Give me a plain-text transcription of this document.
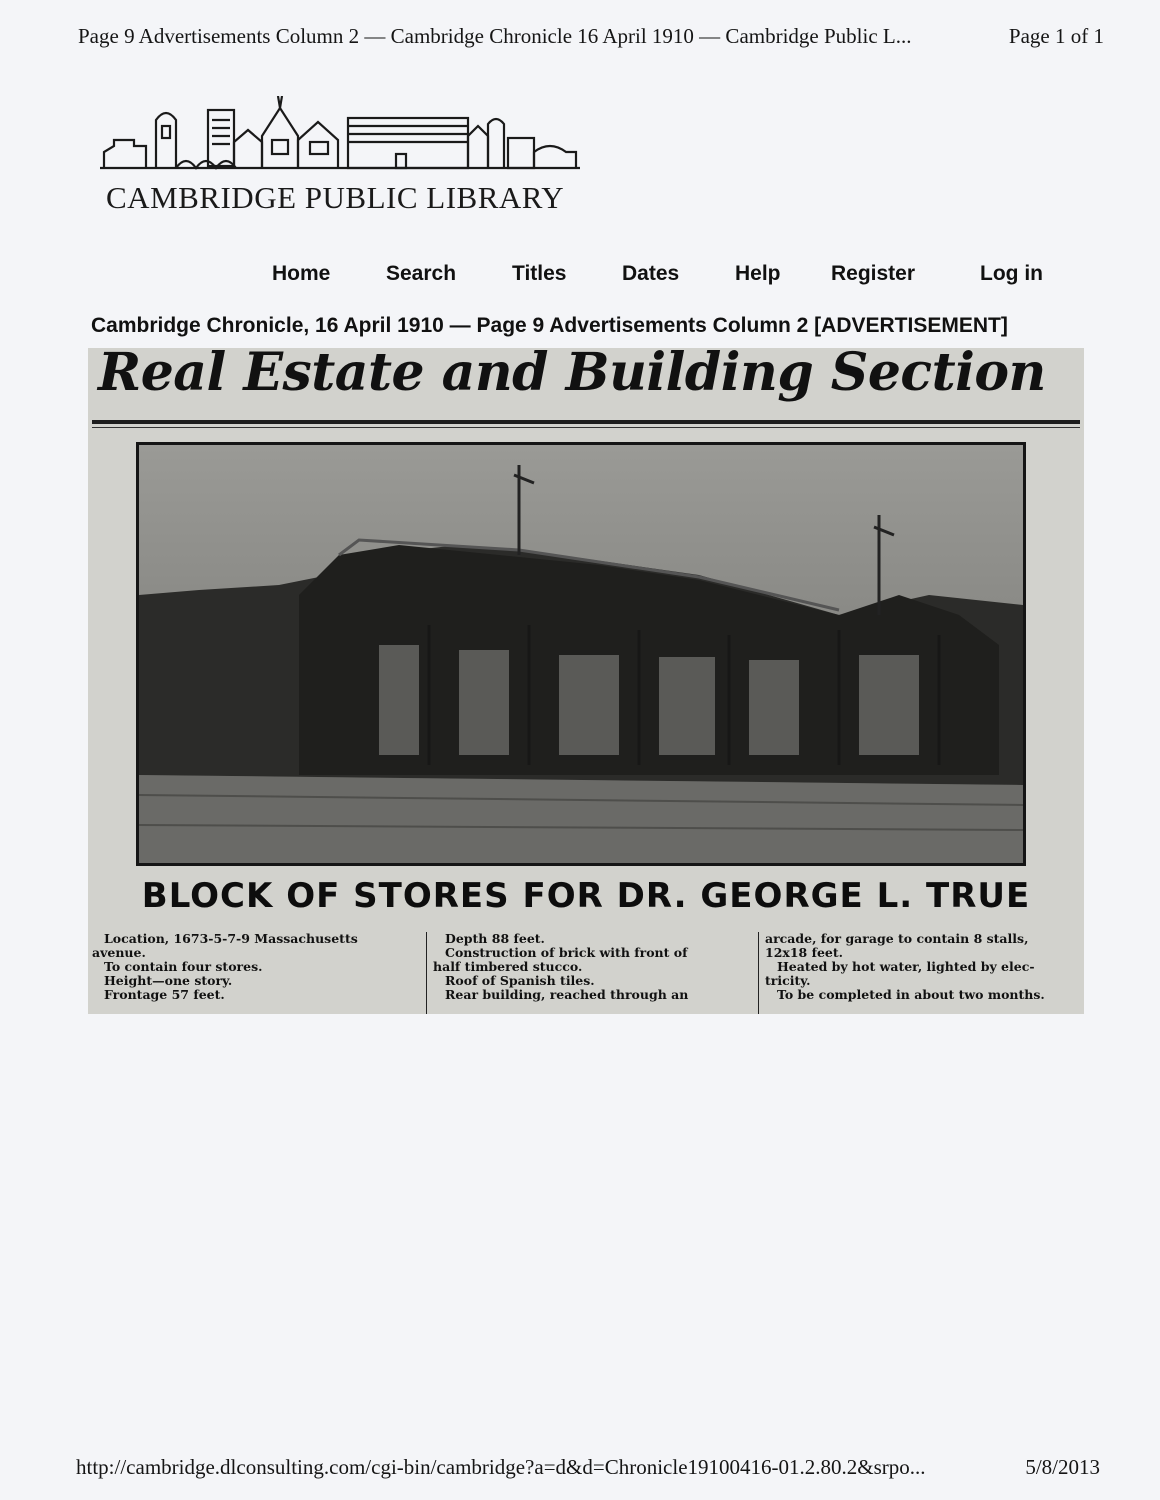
Page 9 Advertisements Column 2 — Cambridge Chronicle 16 April 1910 — Cambridge Public L...	Page 1 of 1
CAMBRIDGE PUBLIC LIBRARY
Home	Search	Titles	Dates	Help Register	Log in
Cambridge Chronicle, 16 April 1910 — Page 9 Advertisements Column 2 [ADVERTISEMENT]
Real Estate and Building Section
BLOCK OF STORES FOR DR. GEORGE L. TRUE
Location, 1673-5-7-9 Massachusetts
avenue.
To contain four stores.
Height—one story.
Frontage 57 feet.
Depth 88 feet.
Construction of brick with front of
half timbered stucco.
Roof of Spanish tiles.
Rear building, reached through an
arcade, for garage to contain 8 stalls,
12x18 feet.
Heated by hot water, lighted by elec-
tricity.
To be completed in about two months.
http://cambridge.dlconsulting.com/cgi-bin/cambridge?a=d&d=Chronicle19100416-01.2.80.2&srpo...	5/8/2013
